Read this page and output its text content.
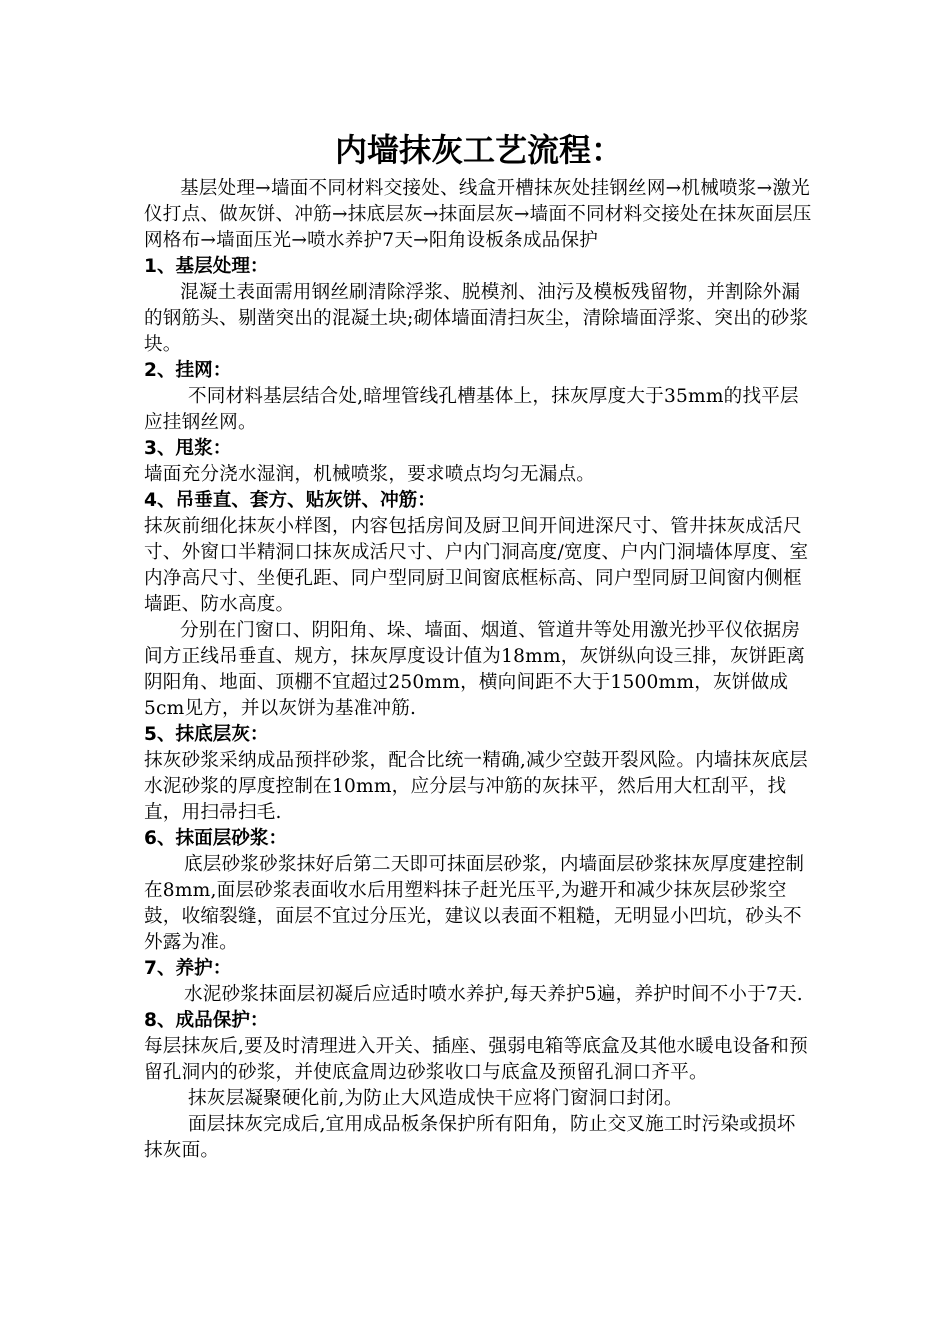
内墙抹灰工艺流程：

基层处理→墙面不同材料交接处、线盒开槽抹灰处挂钢丝网→机械喷浆→激光仪打点、做灰饼、冲筋→抹底层灰→抹面层灰→墙面不同材料交接处在抹灰面层压网格布→墙面压光→喷水养护7天→阳角设板条成品保护

1、基层处理：

混凝土表面需用钢丝刷清除浮浆、脱模剂、油污及模板残留物，并割除外漏的钢筋头、剔凿突出的混凝土块;砌体墙面清扫灰尘，清除墙面浮浆、突出的砂浆块。

2、挂网：

不同材料基层结合处,暗埋管线孔槽基体上，抹灰厚度大于35mm的找平层应挂钢丝网。

3、甩浆：

墙面充分浇水湿润，机械喷浆，要求喷点均匀无漏点。

4、吊垂直、套方、贴灰饼、冲筋：

抹灰前细化抹灰小样图，内容包括房间及厨卫间开间进深尺寸、管井抹灰成活尺寸、外窗口半精洞口抹灰成活尺寸、户内门洞高度/宽度、户内门洞墙体厚度、室内净高尺寸、坐便孔距、同户型同厨卫间窗底框标高、同户型同厨卫间窗内侧框墙距、防水高度。

分别在门窗口、阴阳角、垛、墙面、烟道、管道井等处用激光抄平仪依据房间方正线吊垂直、规方，抹灰厚度设计值为18mm，灰饼纵向设三排，灰饼距离阴阳角、地面、顶棚不宜超过250mm，横向间距不大于1500mm，灰饼做成5cm见方，并以灰饼为基准冲筋.

5、抹底层灰：

抹灰砂浆采纳成品预拌砂浆，配合比统一精确,减少空鼓开裂风险。内墙抹灰底层水泥砂浆的厚度控制在10mm，应分层与冲筋的灰抹平，然后用大杠刮平，找直，用扫帚扫毛.

6、抹面层砂浆：

底层砂浆砂浆抹好后第二天即可抹面层砂浆，内墙面层砂浆抹灰厚度建控制在8mm,面层砂浆表面收水后用塑料抹子赶光压平,为避开和减少抹灰层砂浆空鼓，收缩裂缝，面层不宜过分压光，建议以表面不粗糙，无明显小凹坑，砂头不外露为准。

7、养护：

水泥砂浆抹面层初凝后应适时喷水养护,每天养护5遍，养护时间不小于7天.

8、成品保护：

每层抹灰后,要及时清理进入开关、插座、强弱电箱等底盒及其他水暖电设备和预留孔洞内的砂浆，并使底盒周边砂浆收口与底盒及预留孔洞口齐平。

抹灰层凝聚硬化前,为防止大风造成快干应将门窗洞口封闭。

面层抹灰完成后,宜用成品板条保护所有阳角，防止交叉施工时污染或损坏抹灰面。
